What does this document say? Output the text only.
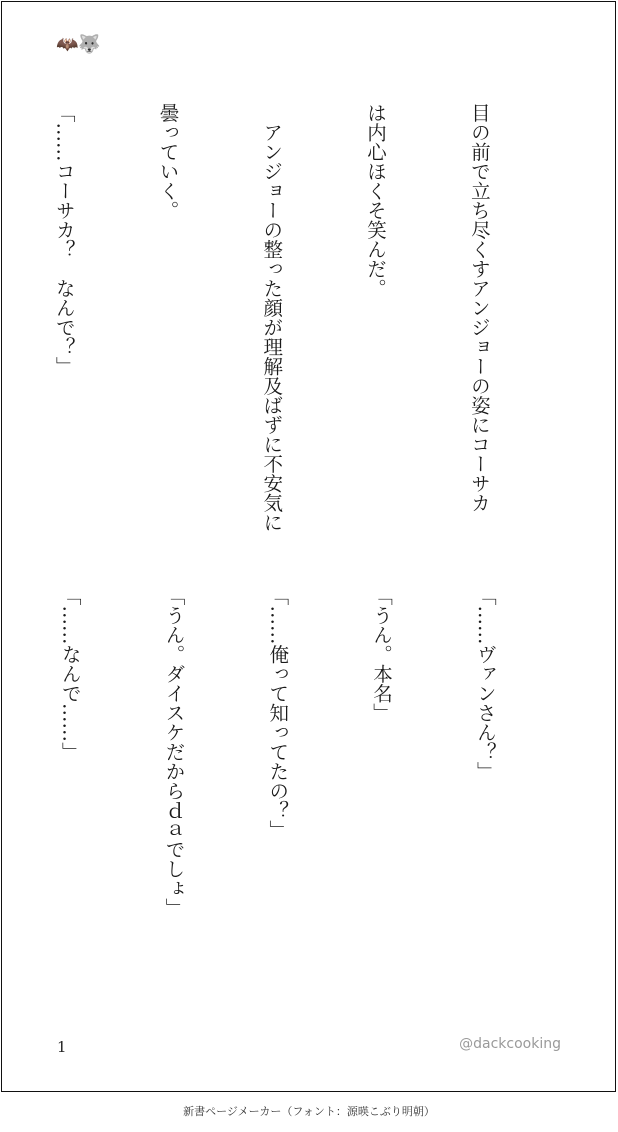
🦇🐺

目の前で立ち尽くすアンジョーの姿にコーサカ

は内心ほくそ笑んだ。

　アンジョーの整った顔が理解及ばずに不安気に

曇っていく。

「……コーサカ？　なんで？」

「……ヴァンさん？」

「うん。本名」

「……俺って知ってたの？」

「うん。ダイスケだからｄａでしょ」

「……なんで……」

1	@dackcooking
新書ページメーカー（フォント：源暎こぶり明朝）
